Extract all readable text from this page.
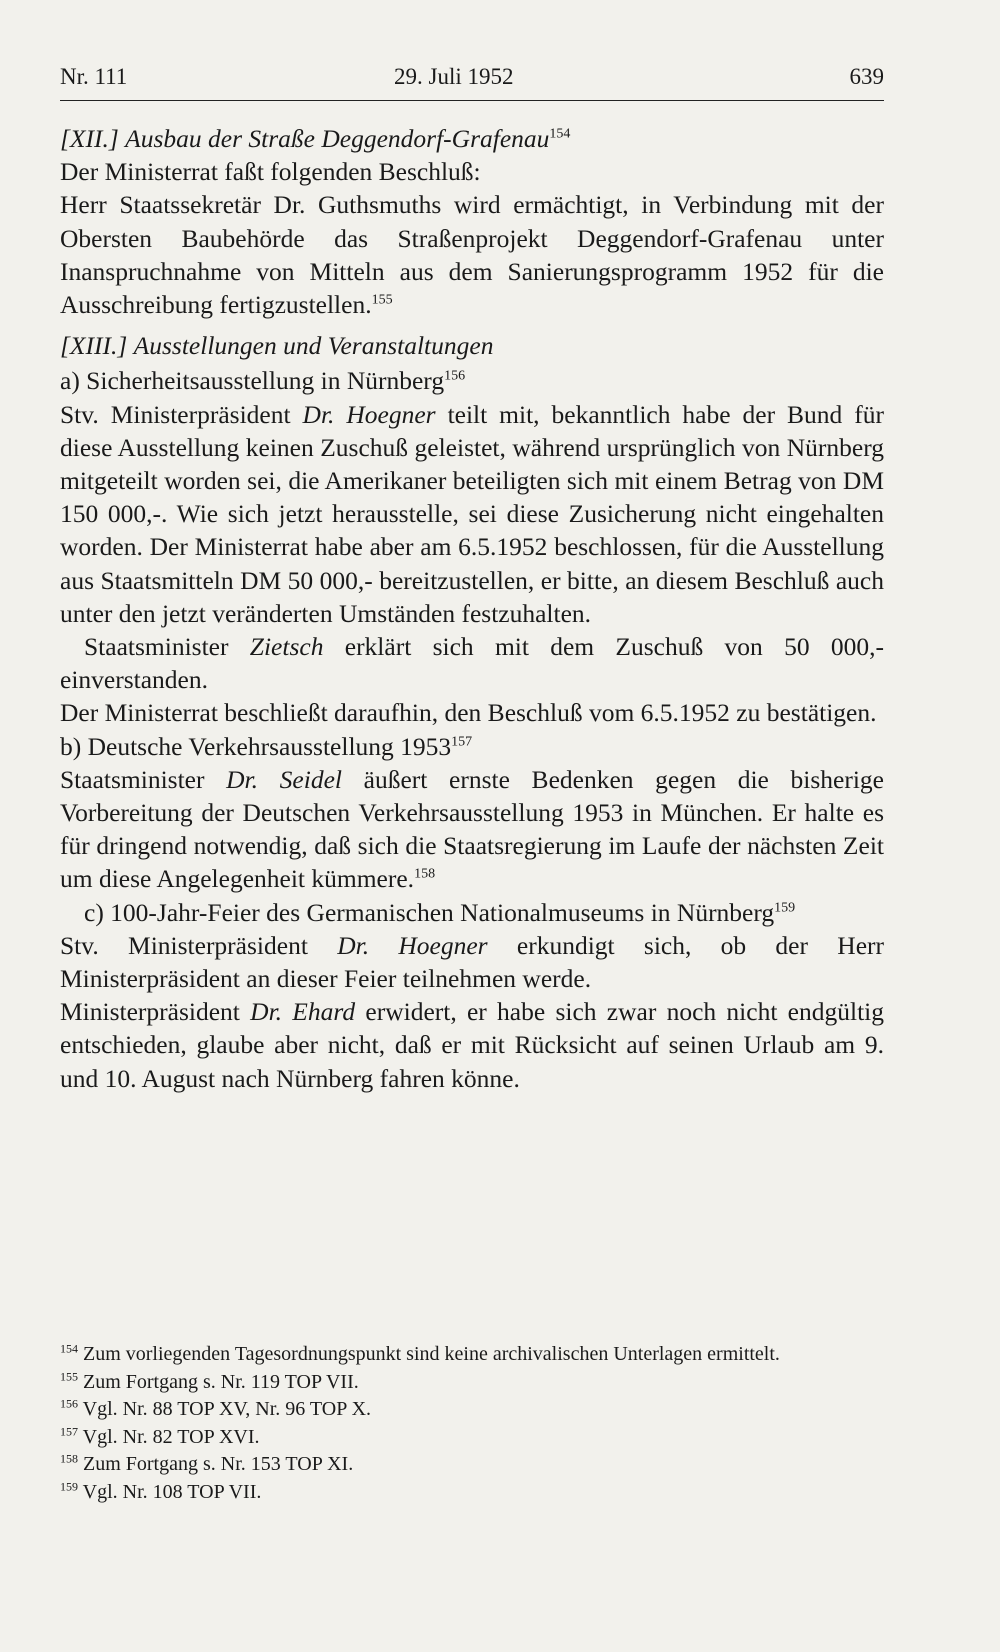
Nr. 111	29. Juli 1952	639

[XII.] Ausbau der Straße Deggendorf-Grafenau$^{154}$

Der Ministerrat faßt folgenden Beschluß:

Herr Staatssekretär Dr. Guthsmuths wird ermächtigt, in Verbindung mit der Obersten Baubehörde das Straßenprojekt Deggendorf-Grafenau unter Inanspruchnahme von Mitteln aus dem Sanierungsprogramm 1952 für die Ausschreibung fertigzustellen.$^{155}$

[XIII.] Ausstellungen und Veranstaltungen

a) Sicherheitsausstellung in Nürnberg$^{156}$

Stv. Ministerpräsident Dr. Hoegner teilt mit, bekanntlich habe der Bund für diese Ausstellung keinen Zuschuß geleistet, während ursprünglich von Nürnberg mitgeteilt worden sei, die Amerikaner beteiligten sich mit einem Betrag von DM 150 000,-. Wie sich jetzt herausstelle, sei diese Zusicherung nicht eingehalten worden. Der Ministerrat habe aber am 6.5.1952 beschlossen, für die Ausstellung aus Staatsmitteln DM 50 000,- bereitzustellen, er bitte, an diesem Beschluß auch unter den jetzt veränderten Umständen festzuhalten.

Staatsminister Zietsch erklärt sich mit dem Zuschuß von 50 000,- einverstanden.

Der Ministerrat beschließt daraufhin, den Beschluß vom 6.5.1952 zu bestätigen.

b) Deutsche Verkehrsausstellung 1953$^{157}$

Staatsminister Dr. Seidel äußert ernste Bedenken gegen die bisherige Vorbereitung der Deutschen Verkehrsausstellung 1953 in München. Er halte es für dringend notwendig, daß sich die Staatsregierung im Laufe der nächsten Zeit um diese Angelegenheit kümmere.$^{158}$

c) 100-Jahr-Feier des Germanischen Nationalmuseums in Nürnberg$^{159}$

Stv. Ministerpräsident Dr. Hoegner erkundigt sich, ob der Herr Ministerpräsident an dieser Feier teilnehmen werde.

Ministerpräsident Dr. Ehard erwidert, er habe sich zwar noch nicht endgültig entschieden, glaube aber nicht, daß er mit Rücksicht auf seinen Urlaub am 9. und 10. August nach Nürnberg fahren könne.

$^{154}$ Zum vorliegenden Tagesordnungspunkt sind keine archivalischen Unterlagen ermittelt.
$^{155}$ Zum Fortgang s. Nr. 119 TOP VII.
$^{156}$ Vgl. Nr. 88 TOP XV, Nr. 96 TOP X.
$^{157}$ Vgl. Nr. 82 TOP XVI.
$^{158}$ Zum Fortgang s. Nr. 153 TOP XI.
$^{159}$ Vgl. Nr. 108 TOP VII.
